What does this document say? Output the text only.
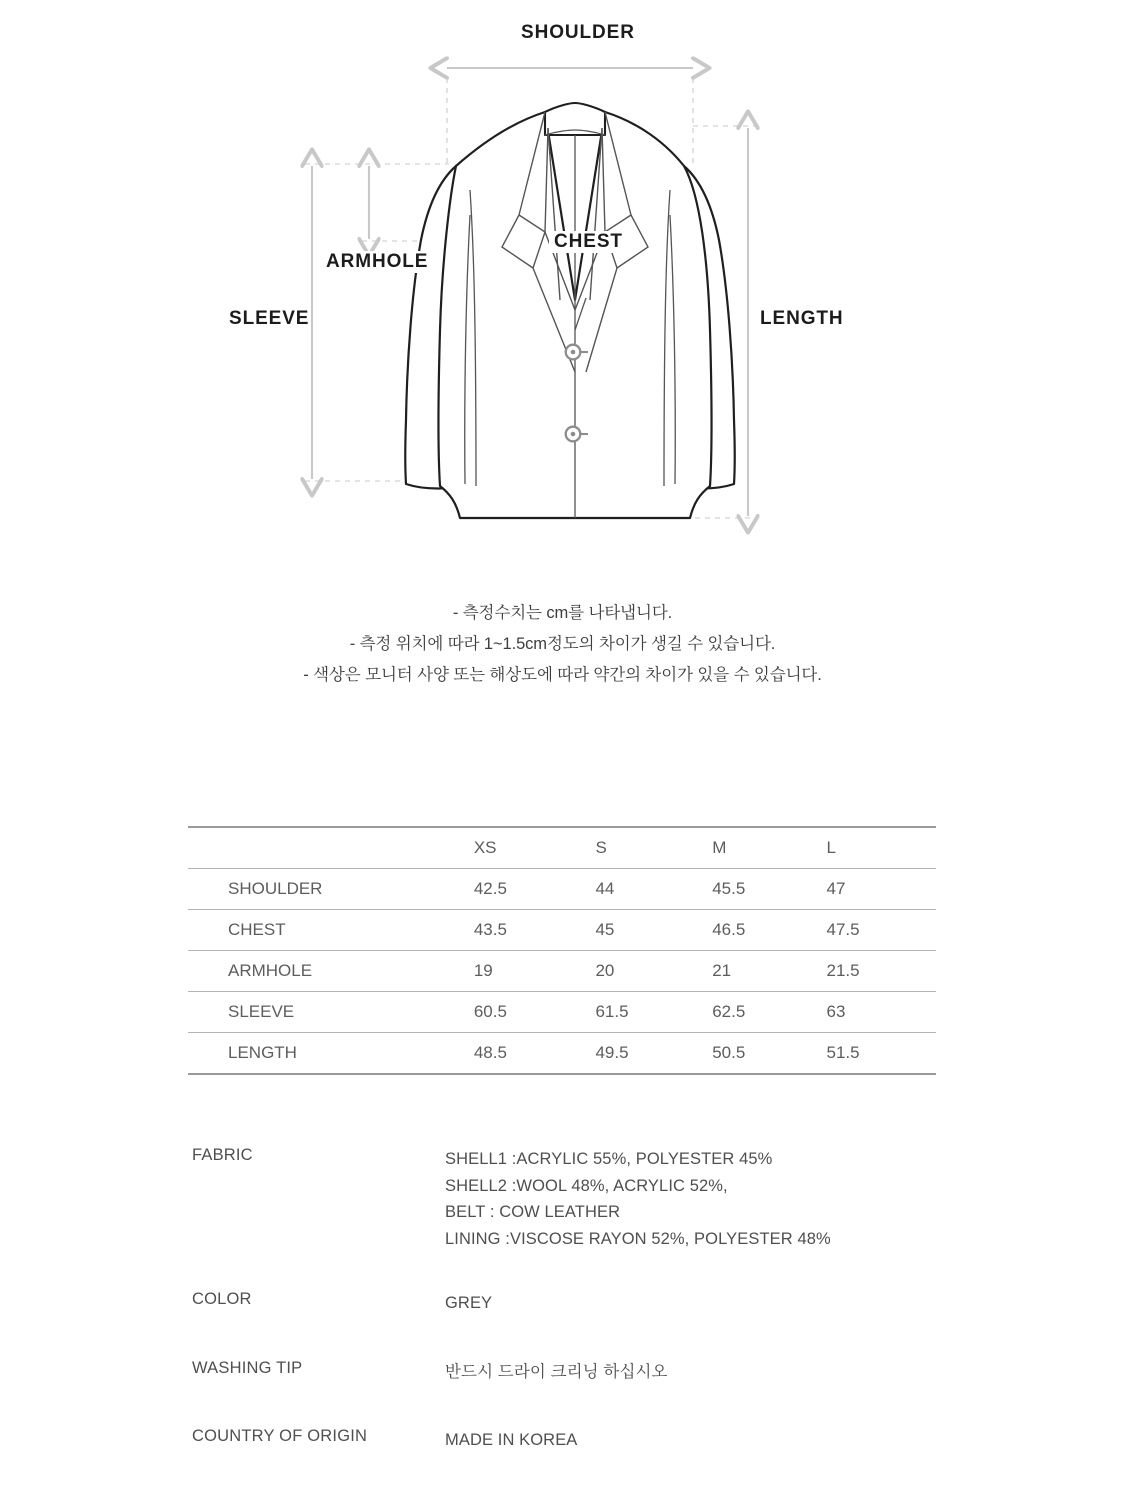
SHOULDER
CHEST
ARMHOLE
SLEEVE	LENGTH
- 측정수치는 cm를 나타냅니다.
- 측정 위치에 따라 1~1.5cm정도의 차이가 생길 수 있습니다.
- 색상은 모니터 사양 또는 해상도에 따라 약간의 차이가 있을 수 있습니다.
	XS	S	M	L
SHOULDER	42.5	44	45.5	47
CHEST	43.5	45	46.5	47.5
ARMHOLE	19	20	21	21.5
SLEEVE	60.5	61.5	62.5	63
LENGTH	48.5	49.5	50.5	51.5
FABRIC	SHELL1 :ACRYLIC 55%, POLYESTER 45%
SHELL2 :WOOL 48%, ACRYLIC 52%,
BELT : COW LEATHER
LINING :VISCOSE RAYON 52%, POLYESTER 48%
COLOR	GREY
WASHING TIP	반드시 드라이 크리닝 하십시오
COUNTRY OF ORIGIN	MADE IN KOREA
